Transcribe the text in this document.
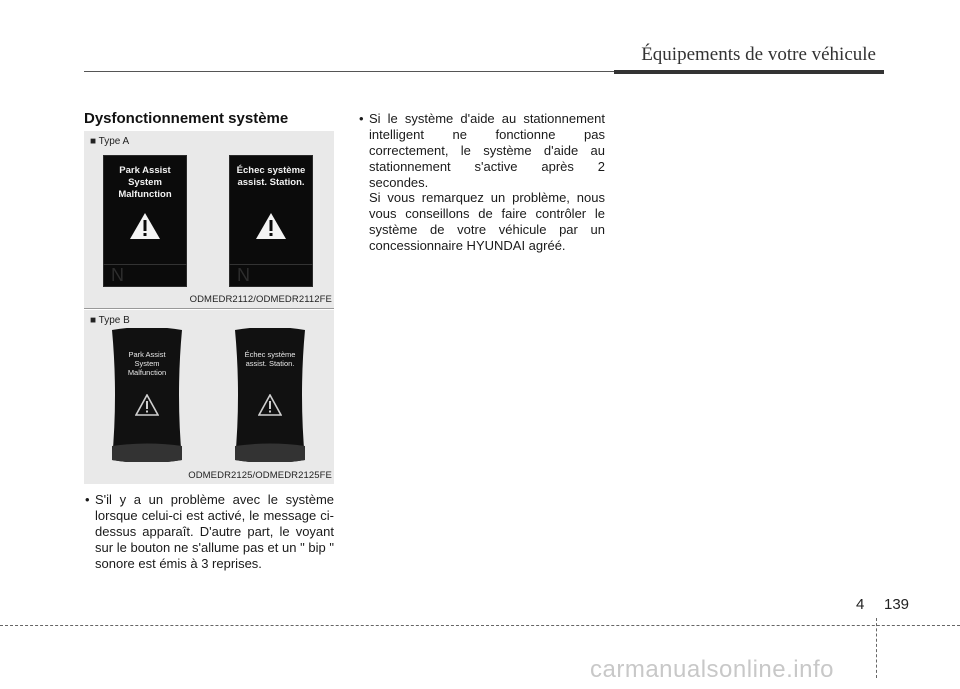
Équipements de votre véhicule
Dysfonctionnement système
■ Type A
Park Assist
System
Malfunction
N
Échec système
assist. Station.
N
ODMEDR2112/ODMEDR2112FE
■ Type B
Park Assist
System
Malfunction
Échec système
assist. Station.
ODMEDR2125/ODMEDR2125FE
• S'il y a un problème avec le système lorsque celui-ci est activé, le message ci-dessus apparaît. D'autre part, le voyant sur le bouton ne s'allume pas et un " bip " sonore est émis à 3 reprises.
• Si le système d'aide au stationnement intelligent ne fonctionne pas correctement, le système d'aide au stationnement s'active après 2 secondes.
Si vous remarquez un problème, nous vous conseillons de faire contrôler le système de votre véhicule par un concessionnaire HYUNDAI agréé.
4 139
carmanualsonline.info
